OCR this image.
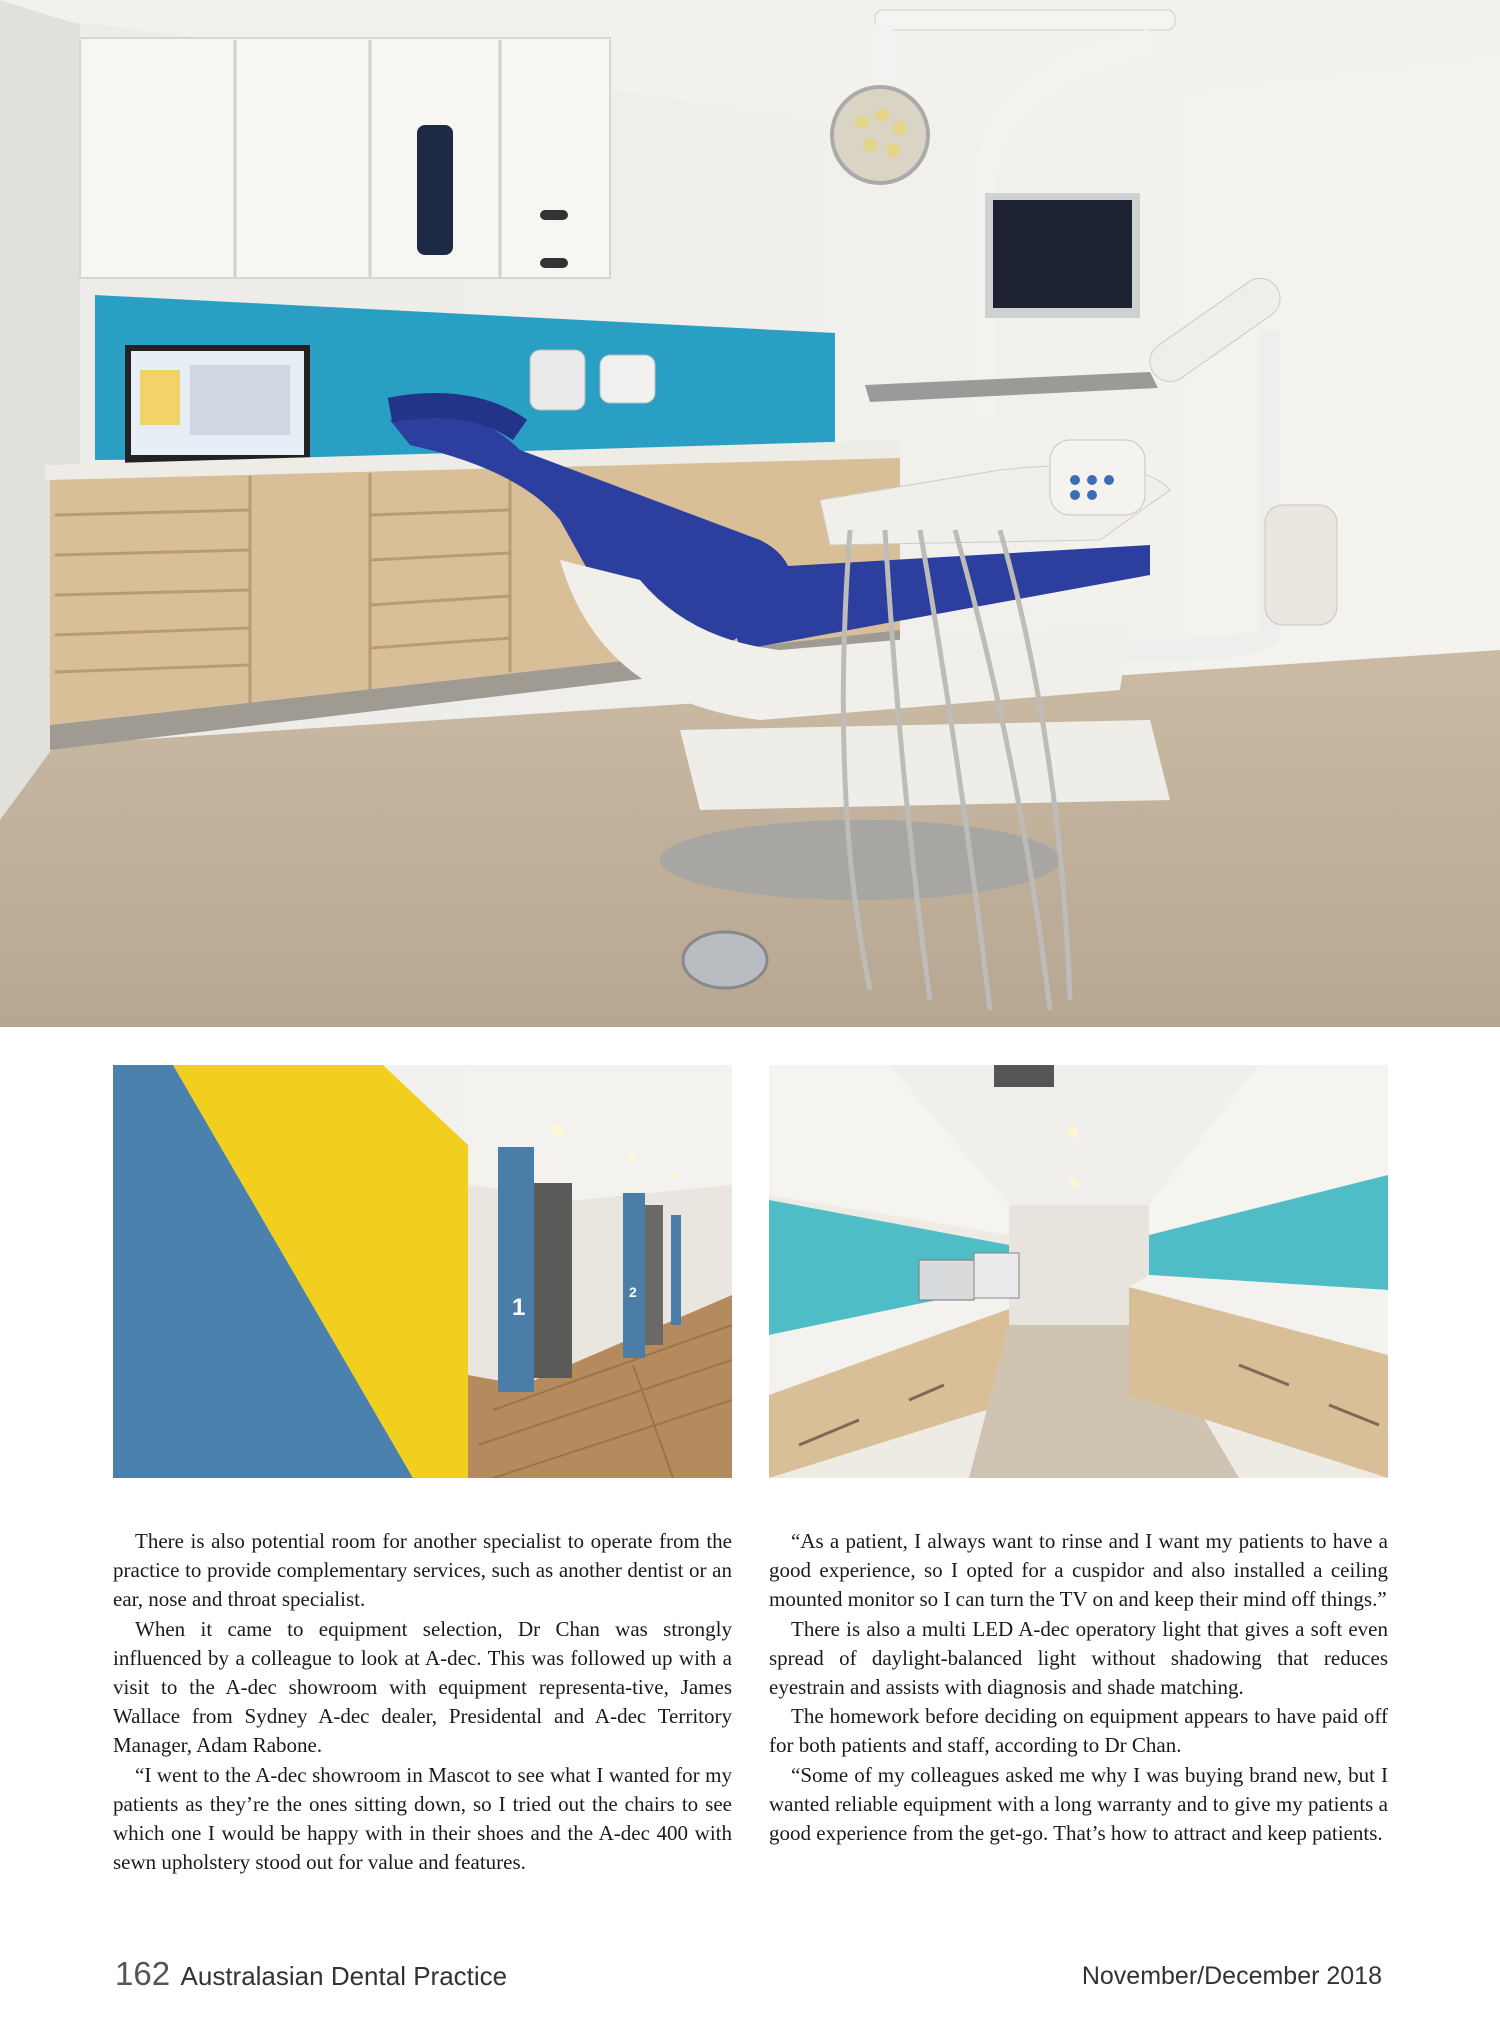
1
2

There is also potential room for another specialist to operate from the practice to provide complementary services, such as another dentist or an ear, nose and throat specialist.

When it came to equipment selection, Dr Chan was strongly influenced by a colleague to look at A-dec. This was followed up with a visit to the A-dec showroom with equipment representa-tive, James Wallace from Sydney A-dec dealer, Presidental and A-dec Territory Manager, Adam Rabone.

“I went to the A-dec showroom in Mascot to see what I wanted for my patients as they’re the ones sitting down, so I tried out the chairs to see which one I would be happy with in their shoes and the A-dec 400 with sewn upholstery stood out for value and features.

“As a patient, I always want to rinse and I want my patients to have a good experience, so I opted for a cuspidor and also installed a ceiling mounted monitor so I can turn the TV on and keep their mind off things.”

There is also a multi LED A-dec operatory light that gives a soft even spread of daylight-balanced light without shadowing that reduces eyestrain and assists with diagnosis and shade matching.

The homework before deciding on equipment appears to have paid off for both patients and staff, according to Dr Chan.

“Some of my colleagues asked me why I was buying brand new, but I wanted reliable equipment with a long warranty and to give my patients a good experience from the get-go. That’s how to attract and keep patients.

162 Australasian Dental Practice	November/December 2018
